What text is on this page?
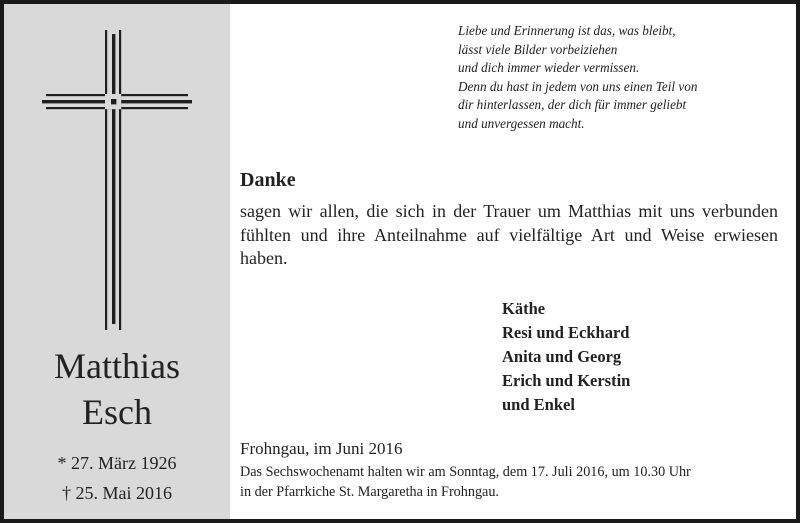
Matthias
Esch
* 27. März 1926
† 25. Mai 2016
Liebe und Erinnerung ist das, was bleibt,
lässt viele Bilder vorbeiziehen
und dich immer wieder vermissen.
Denn du hast in jedem von uns einen Teil von
dir hinterlassen, der dich für immer geliebt
und unvergessen macht.
Danke
sagen wir allen, die sich in der Trauer um Matthias mit uns verbunden fühlten und ihre Anteilnahme auf vielfältige Art und Weise erwiesen haben.
Käthe
Resi und Eckhard
Anita und Georg
Erich und Kerstin
und Enkel
Frohngau, im Juni 2016
Das Sechswochenamt halten wir am Sonntag, dem 17. Juli 2016, um 10.30 Uhr
in der Pfarrkiche St. Margaretha in Frohngau.
